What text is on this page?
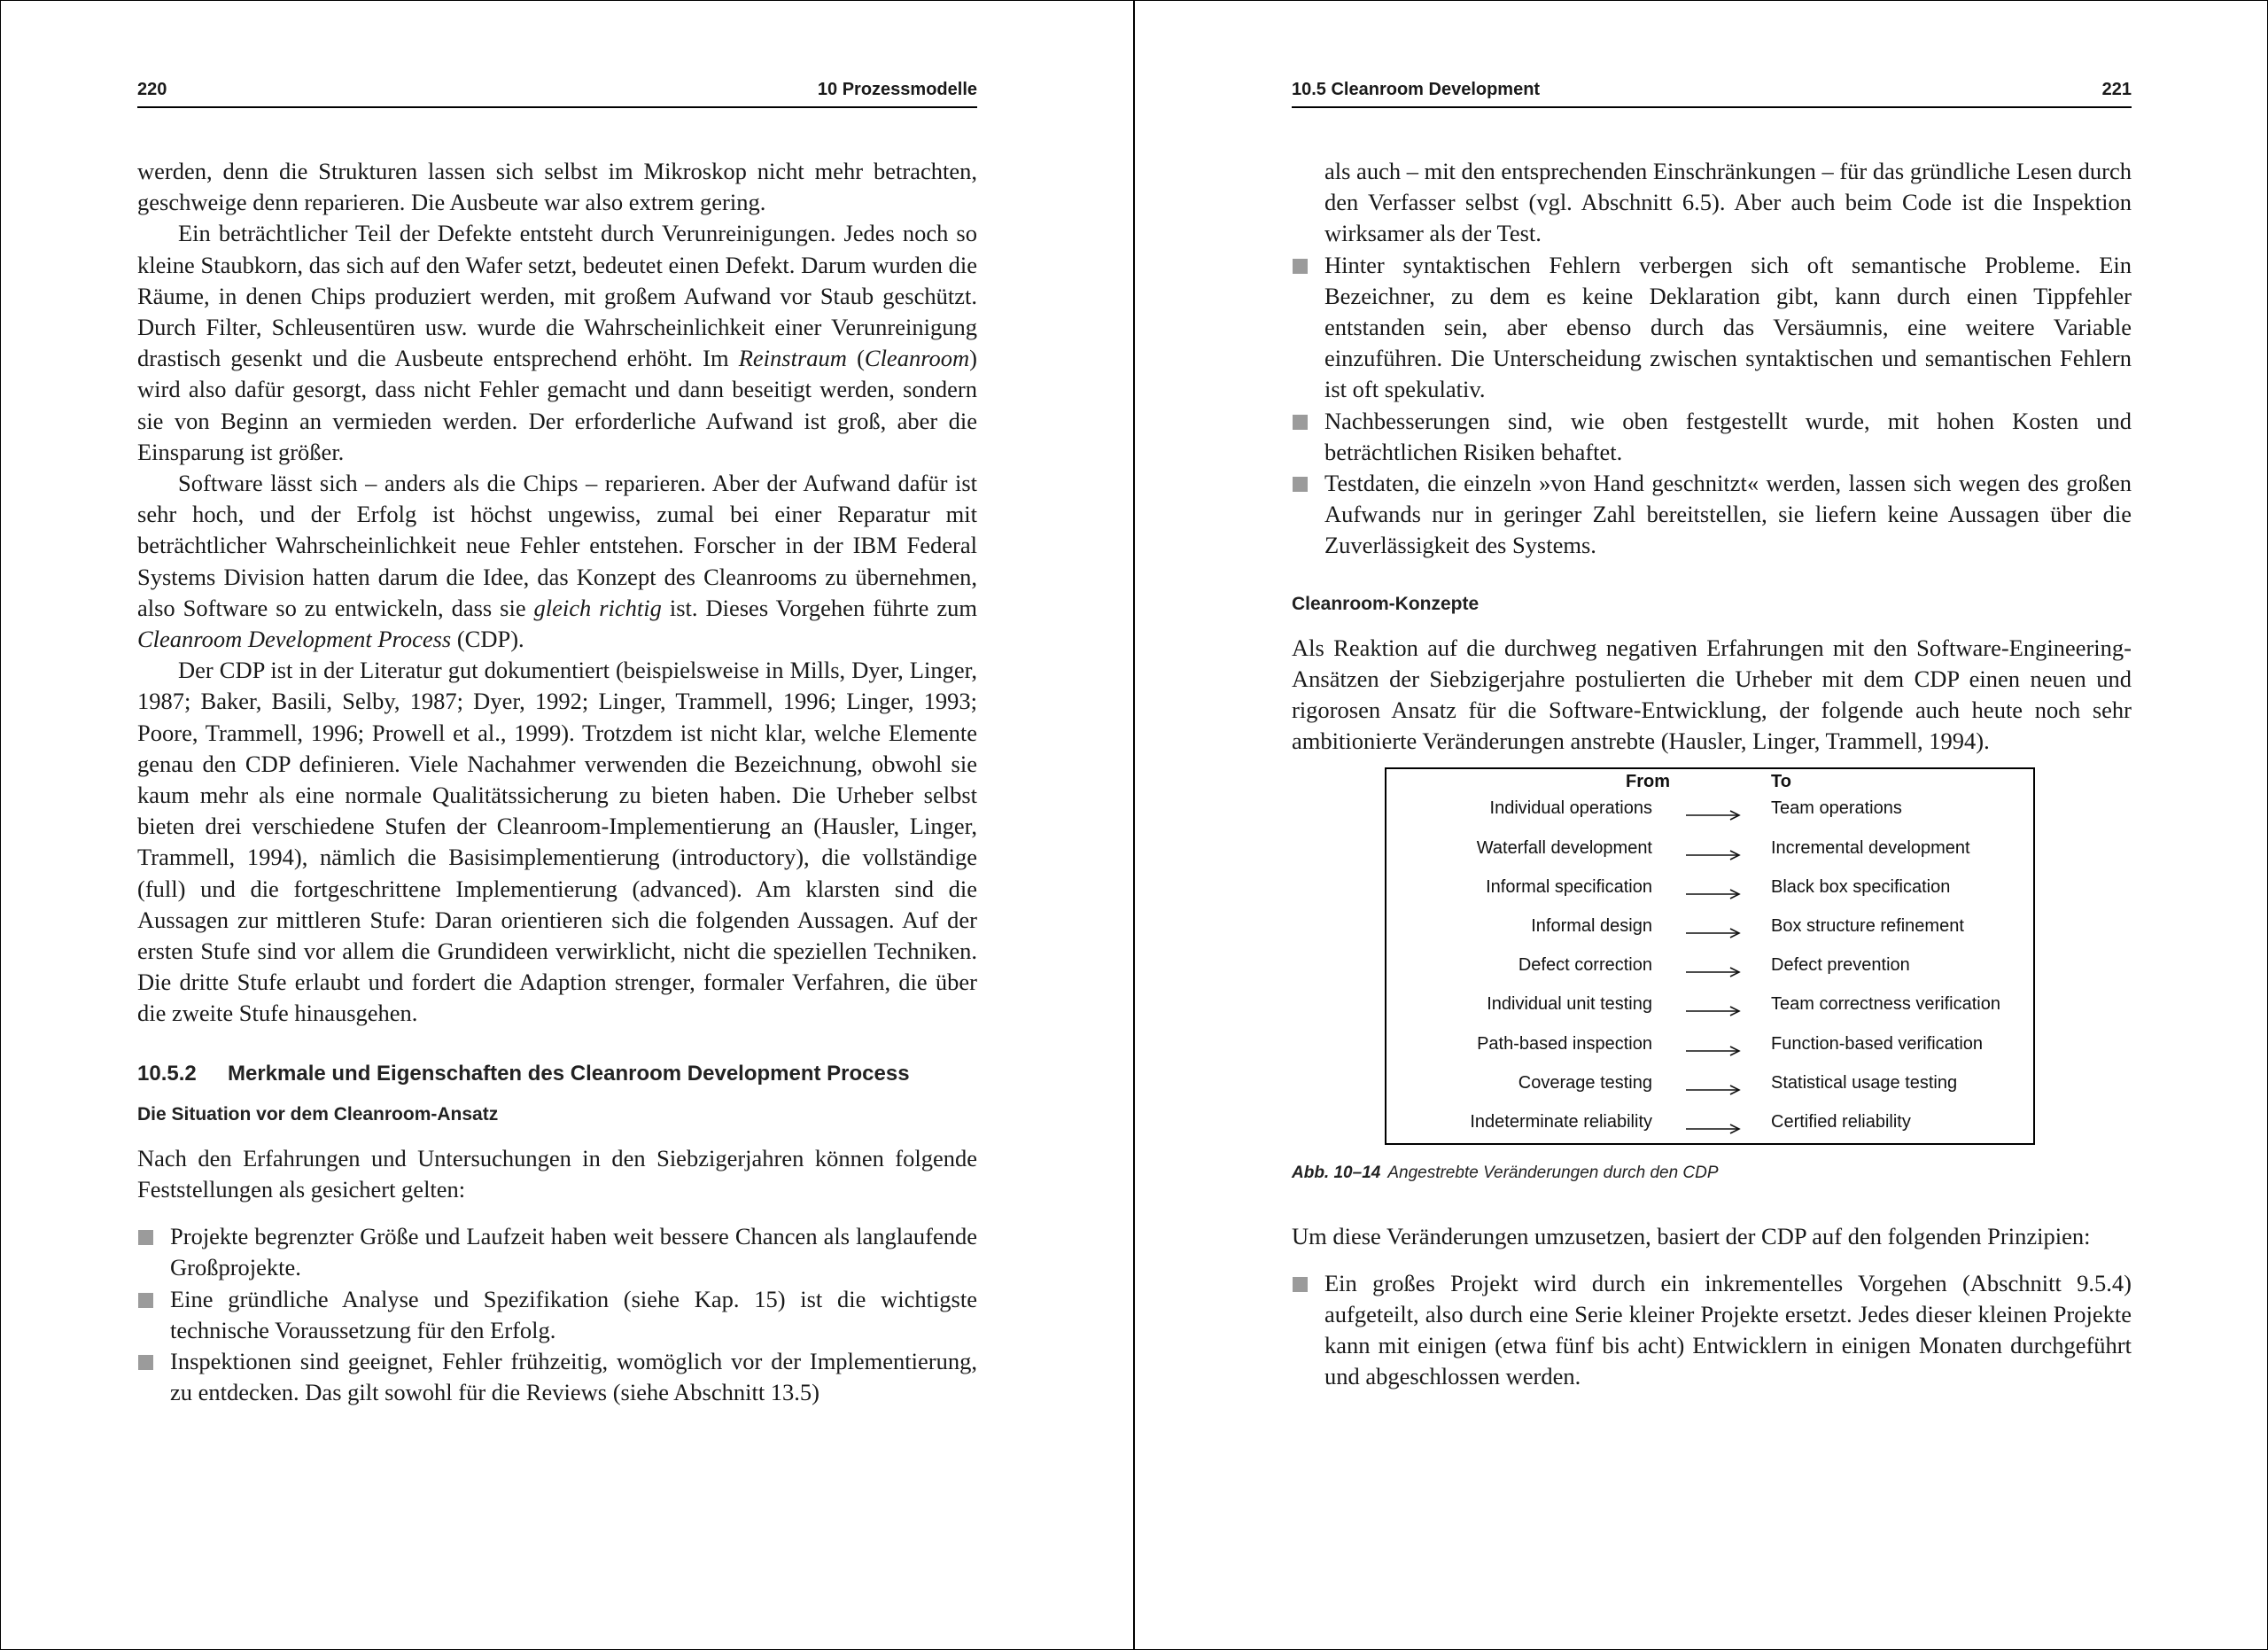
220	10 Prozessmodelle

werden, denn die Strukturen lassen sich selbst im Mikroskop nicht mehr betrachten, geschweige denn reparieren. Die Ausbeute war also extrem gering.

Ein beträchtlicher Teil der Defekte entsteht durch Verunreinigungen. Jedes noch so kleine Staubkorn, das sich auf den Wafer setzt, bedeutet einen Defekt. Darum wurden die Räume, in denen Chips produziert werden, mit großem Aufwand vor Staub geschützt. Durch Filter, Schleusentüren usw. wurde die Wahrscheinlichkeit einer Verunreinigung drastisch gesenkt und die Ausbeute entsprechend erhöht. Im Reinstraum (Cleanroom) wird also dafür gesorgt, dass nicht Fehler gemacht und dann beseitigt werden, sondern sie von Beginn an vermieden werden. Der erforderliche Aufwand ist groß, aber die Einsparung ist größer.

Software lässt sich – anders als die Chips – reparieren. Aber der Aufwand dafür ist sehr hoch, und der Erfolg ist höchst ungewiss, zumal bei einer Reparatur mit beträchtlicher Wahrscheinlichkeit neue Fehler entstehen. Forscher in der IBM Federal Systems Division hatten darum die Idee, das Konzept des Cleanrooms zu übernehmen, also Software so zu entwickeln, dass sie gleich richtig ist. Dieses Vorgehen führte zum Cleanroom Development Process (CDP).

Der CDP ist in der Literatur gut dokumentiert (beispielsweise in Mills, Dyer, Linger, 1987; Baker, Basili, Selby, 1987; Dyer, 1992; Linger, Trammell, 1996; Linger, 1993; Poore, Trammell, 1996; Prowell et al., 1999). Trotzdem ist nicht klar, welche Elemente genau den CDP definieren. Viele Nachahmer verwenden die Bezeichnung, obwohl sie kaum mehr als eine normale Qualitätssicherung zu bieten haben. Die Urheber selbst bieten drei verschiedene Stufen der Cleanroom-Implementierung an (Hausler, Linger, Trammell, 1994), nämlich die Basisimplementierung (introductory), die vollständige (full) und die fortgeschrittene Implementierung (advanced). Am klarsten sind die Aussagen zur mittleren Stufe: Daran orientieren sich die folgenden Aussagen. Auf der ersten Stufe sind vor allem die Grundideen verwirklicht, nicht die speziellen Techniken. Die dritte Stufe erlaubt und fordert die Adaption strenger, formaler Verfahren, die über die zweite Stufe hinausgehen.

10.5.2 Merkmale und Eigenschaften des Cleanroom Development Process
Die Situation vor dem Cleanroom-Ansatz

Nach den Erfahrungen und Untersuchungen in den Siebzigerjahren können folgende Feststellungen als gesichert gelten:

Projekte begrenzter Größe und Laufzeit haben weit bessere Chancen als langlaufende Großprojekte.
Eine gründliche Analyse und Spezifikation (siehe Kap. 15) ist die wichtigste technische Voraussetzung für den Erfolg.
Inspektionen sind geeignet, Fehler frühzeitig, womöglich vor der Implementierung, zu entdecken. Das gilt sowohl für die Reviews (siehe Abschnitt 13.5)
10.5 Cleanroom Development	221

als auch – mit den entsprechenden Einschränkungen – für das gründliche Lesen durch den Verfasser selbst (vgl. Abschnitt 6.5). Aber auch beim Code ist die Inspektion wirksamer als der Test.

Hinter syntaktischen Fehlern verbergen sich oft semantische Probleme. Ein Bezeichner, zu dem es keine Deklaration gibt, kann durch einen Tippfehler entstanden sein, aber ebenso durch das Versäumnis, eine weitere Variable einzuführen. Die Unterscheidung zwischen syntaktischen und semantischen Fehlern ist oft spekulativ.
Nachbesserungen sind, wie oben festgestellt wurde, mit hohen Kosten und beträchtlichen Risiken behaftet.
Testdaten, die einzeln »von Hand geschnitzt« werden, lassen sich wegen des großen Aufwands nur in geringer Zahl bereitstellen, sie liefern keine Aussagen über die Zuverlässigkeit des Systems.
Cleanroom-Konzepte

Als Reaktion auf die durchweg negativen Erfahrungen mit den Software-Engineering-Ansätzen der Siebzigerjahre postulierten die Urheber mit dem CDP einen neuen und rigorosen Ansatz für die Software-Entwicklung, der folgende auch heute noch sehr ambitionierte Veränderungen anstrebte (Hausler, Linger, Trammell, 1994).

From	To
Individual operations	Team operations
Waterfall development	Incremental development
Informal specification	Black box specification
Informal design	Box structure refinement
Defect correction	Defect prevention
Individual unit testing	Team correctness verification
Path-based inspection	Function-based verification
Coverage testing	Statistical usage testing
Indeterminate reliability	Certified reliability

Abb. 10–14 Angestrebte Veränderungen durch den CDP

Um diese Veränderungen umzusetzen, basiert der CDP auf den folgenden Prinzipien:

Ein großes Projekt wird durch ein inkrementelles Vorgehen (Abschnitt 9.5.4) aufgeteilt, also durch eine Serie kleiner Projekte ersetzt. Jedes dieser kleinen Projekte kann mit einigen (etwa fünf bis acht) Entwicklern in einigen Monaten durchgeführt und abgeschlossen werden.
